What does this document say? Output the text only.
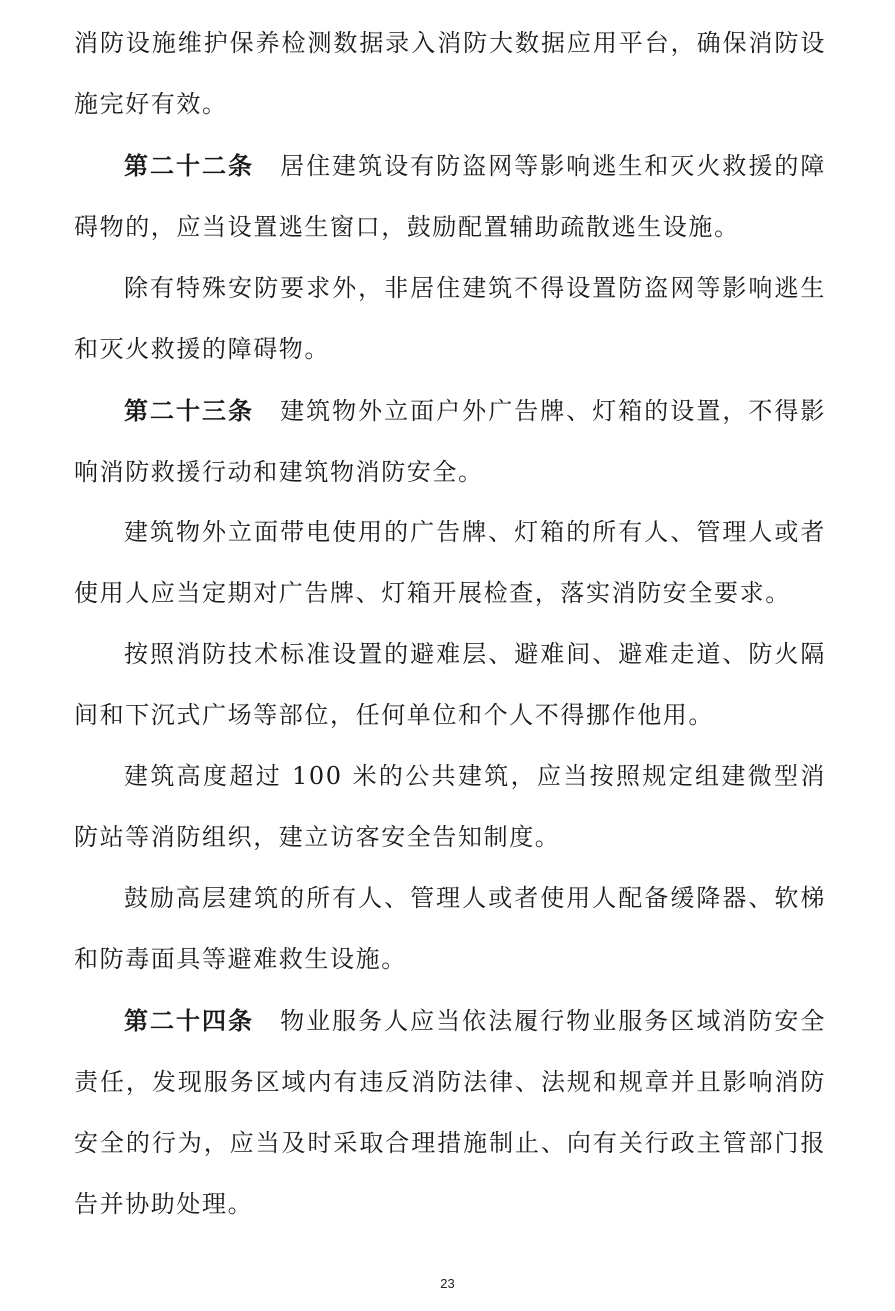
消防设施维护保养检测数据录入消防大数据应用平台，确保消防设施完好有效。

第二十二条 居住建筑设有防盗网等影响逃生和灭火救援的障碍物的，应当设置逃生窗口，鼓励配置辅助疏散逃生设施。

除有特殊安防要求外，非居住建筑不得设置防盗网等影响逃生和灭火救援的障碍物。

第二十三条 建筑物外立面户外广告牌、灯箱的设置，不得影响消防救援行动和建筑物消防安全。

建筑物外立面带电使用的广告牌、灯箱的所有人、管理人或者使用人应当定期对广告牌、灯箱开展检查，落实消防安全要求。

按照消防技术标准设置的避难层、避难间、避难走道、防火隔间和下沉式广场等部位，任何单位和个人不得挪作他用。

建筑高度超过 100 米的公共建筑，应当按照规定组建微型消防站等消防组织，建立访客安全告知制度。

鼓励高层建筑的所有人、管理人或者使用人配备缓降器、软梯和防毒面具等避难救生设施。

第二十四条 物业服务人应当依法履行物业服务区域消防安全责任，发现服务区域内有违反消防法律、法规和规章并且影响消防安全的行为，应当及时采取合理措施制止、向有关行政主管部门报告并协助处理。

23
